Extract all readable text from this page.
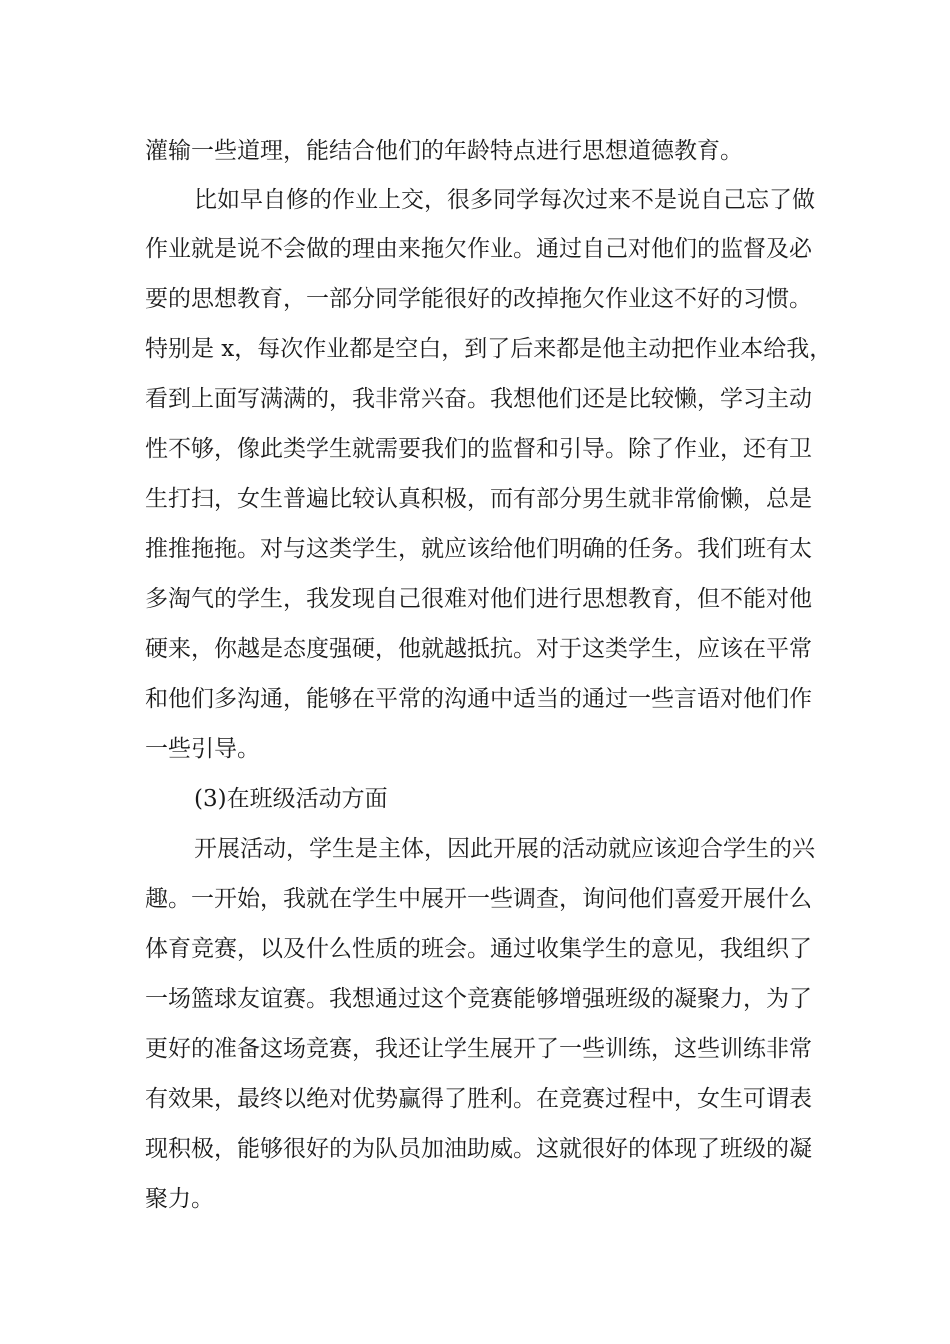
灌输一些道理，能结合他们的年龄特点进行思想道德教育。
比如早自修的作业上交，很多同学每次过来不是说自己忘了做
作业就是说不会做的理由来拖欠作业。通过自己对他们的监督及必
要的思想教育，一部分同学能很好的改掉拖欠作业这不好的习惯。
特别是 x，每次作业都是空白，到了后来都是他主动把作业本给我，
看到上面写满满的，我非常兴奋。我想他们还是比较懒，学习主动
性不够，像此类学生就需要我们的监督和引导。除了作业，还有卫
生打扫，女生普遍比较认真积极，而有部分男生就非常偷懒，总是
推推拖拖。对与这类学生，就应该给他们明确的任务。我们班有太
多淘气的学生，我发现自己很难对他们进行思想教育，但不能对他
硬来，你越是态度强硬，他就越抵抗。对于这类学生，应该在平常
和他们多沟通，能够在平常的沟通中适当的通过一些言语对他们作
一些引导。
(3)在班级活动方面
开展活动，学生是主体，因此开展的活动就应该迎合学生的兴
趣。一开始，我就在学生中展开一些调查，询问他们喜爱开展什么
体育竞赛，以及什么性质的班会。通过收集学生的意见，我组织了
一场篮球友谊赛。我想通过这个竞赛能够增强班级的凝聚力，为了
更好的准备这场竞赛，我还让学生展开了一些训练，这些训练非常
有效果，最终以绝对优势赢得了胜利。在竞赛过程中，女生可谓表
现积极，能够很好的为队员加油助威。这就很好的体现了班级的凝
聚力。
